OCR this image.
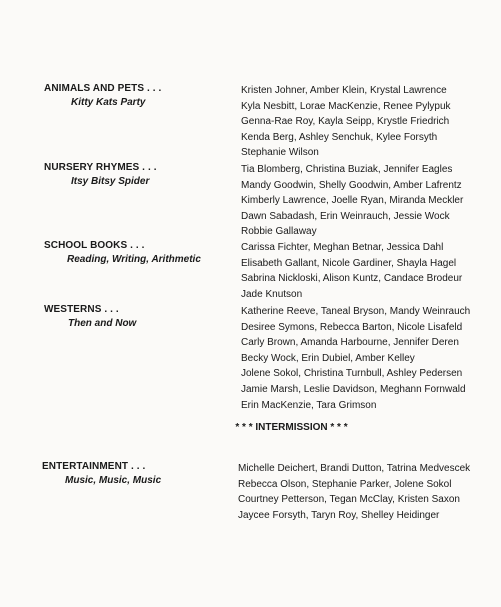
ANIMALS AND PETS . . .
Kitty Kats Party
Kristen Johner, Amber Klein, Krystal Lawrence
Kyla Nesbitt, Lorae MacKenzie, Renee Pylypuk
Genna-Rae Roy, Kayla Seipp, Krystle Friedrich
Kenda Berg, Ashley Senchuk, Kylee Forsyth
Stephanie Wilson
NURSERY RHYMES . . .
Itsy Bitsy Spider
Tia Blomberg, Christina Buziak, Jennifer Eagles
Mandy Goodwin, Shelly Goodwin, Amber Lafrentz
Kimberly Lawrence, Joelle Ryan, Miranda Meckler
Dawn Sabadash, Erin Weinrauch, Jessie Wock
Robbie Gallaway
SCHOOL BOOKS . . .
Reading, Writing, Arithmetic
Carissa Fichter, Meghan Betnar, Jessica Dahl
Elisabeth Gallant, Nicole Gardiner, Shayla Hagel
Sabrina Nickloski, Alison Kuntz, Candace Brodeur
Jade Knutson
WESTERNS . . .
Then and Now
Katherine Reeve, Taneal Bryson, Mandy Weinrauch
Desiree Symons, Rebecca Barton, Nicole Lisafeld
Carly Brown, Amanda Harbourne, Jennifer Deren
Becky Wock, Erin Dubiel, Amber Kelley
Jolene Sokol, Christina Turnbull, Ashley Pedersen
Jamie Marsh, Leslie Davidson, Meghann Fornwald
Erin MacKenzie, Tara Grimson
* * * INTERMISSION * * *
ENTERTAINMENT . . .
Music, Music, Music
Michelle Deichert, Brandi Dutton, Tatrina Medvescek
Rebecca Olson, Stephanie Parker, Jolene Sokol
Courtney Petterson, Tegan McClay, Kristen Saxon
Jaycee Forsyth, Taryn Roy, Shelley Heidinger
